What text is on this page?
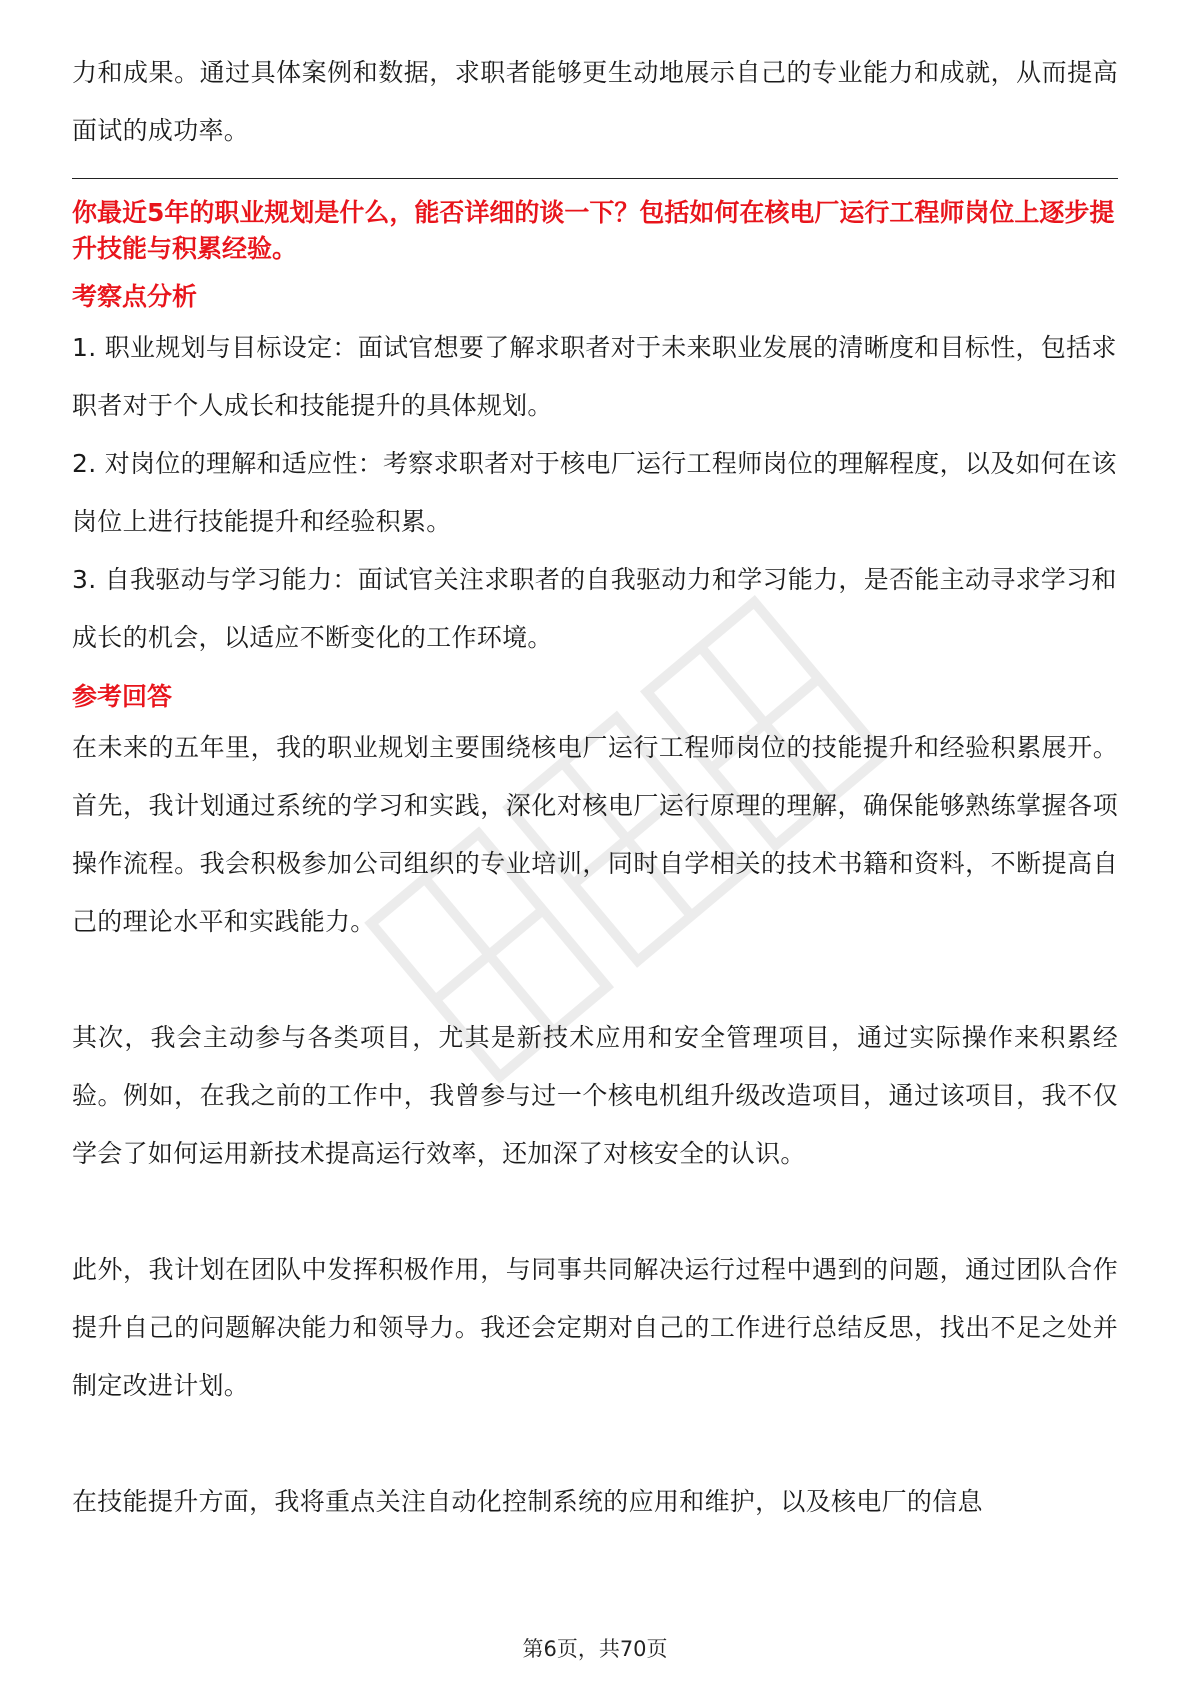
力和成果。通过具体案例和数据，求职者能够更生动地展示自己的专业能力和成就，从而提高面试的成功率。

你最近5年的职业规划是什么，能否详细的谈一下？包括如何在核电厂运行工程师岗位上逐步提升技能与积累经验。

考察点分析

1. 职业规划与目标设定：面试官想要了解求职者对于未来职业发展的清晰度和目标性，包括求职者对于个人成长和技能提升的具体规划。

2. 对岗位的理解和适应性：考察求职者对于核电厂运行工程师岗位的理解程度，以及如何在该岗位上进行技能提升和经验积累。

3. 自我驱动与学习能力：面试官关注求职者的自我驱动力和学习能力，是否能主动寻求学习和成长的机会，以适应不断变化的工作环境。

参考回答

在未来的五年里，我的职业规划主要围绕核电厂运行工程师岗位的技能提升和经验积累展开。首先，我计划通过系统的学习和实践，深化对核电厂运行原理的理解，确保能够熟练掌握各项操作流程。我会积极参加公司组织的专业培训，同时自学相关的技术书籍和资料，不断提高自己的理论水平和实践能力。

其次，我会主动参与各类项目，尤其是新技术应用和安全管理项目，通过实际操作来积累经验。例如，在我之前的工作中，我曾参与过一个核电机组升级改造项目，通过该项目，我不仅学会了如何运用新技术提高运行效率，还加深了对核安全的认识。

此外，我计划在团队中发挥积极作用，与同事共同解决运行过程中遇到的问题，通过团队合作提升自己的问题解决能力和领导力。我还会定期对自己的工作进行总结反思，找出不足之处并制定改进计划。

在技能提升方面，我将重点关注自动化控制系统的应用和维护，以及核电厂的信息

第6页，共70页
